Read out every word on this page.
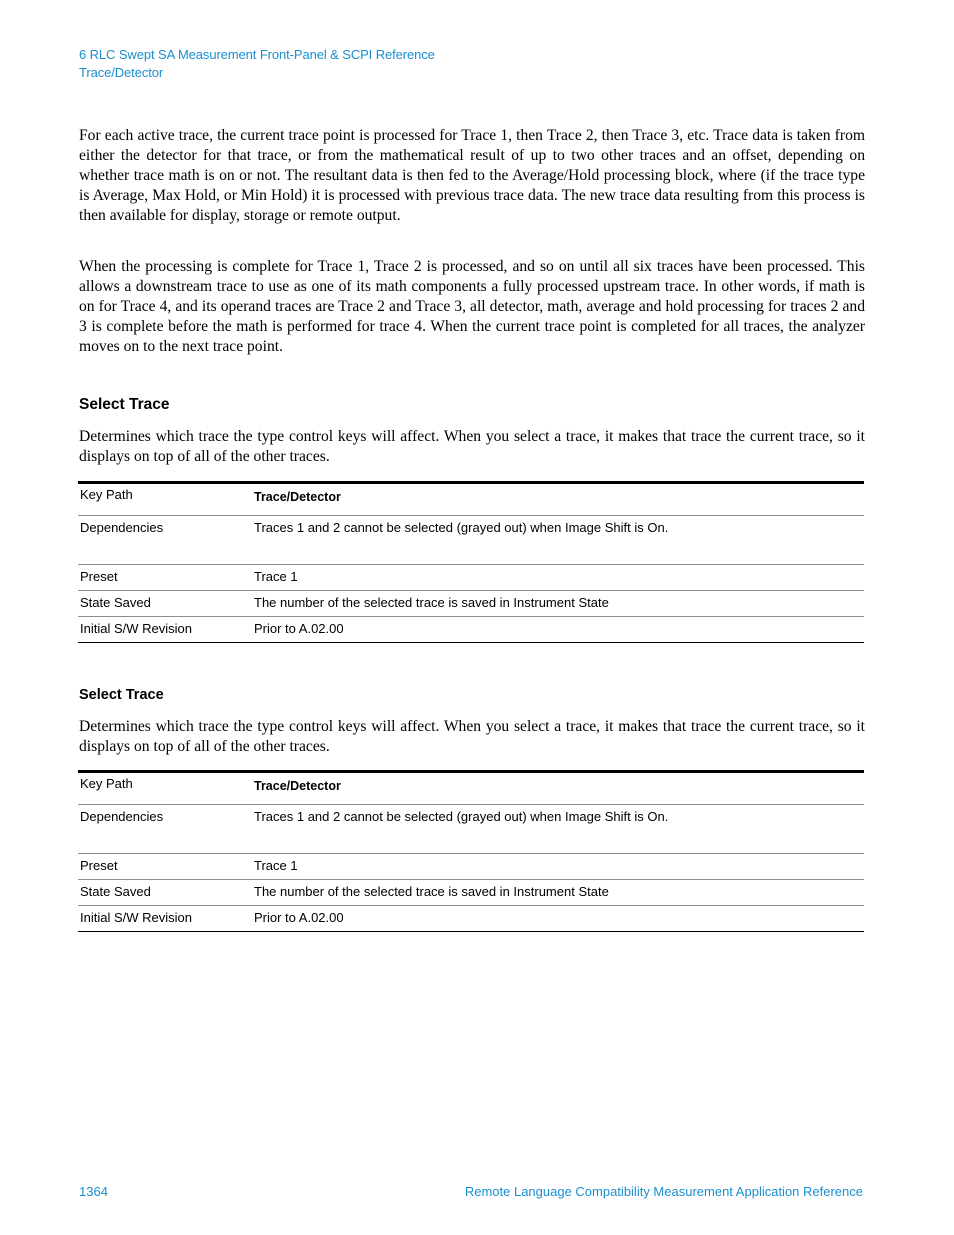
6 RLC Swept SA Measurement Front-Panel & SCPI Reference
Trace/Detector

For each active trace, the current trace point is processed for Trace 1, then Trace 2, then Trace 3, etc. Trace data is taken from either the detector for that trace, or from the mathematical result of up to two other traces and an offset, depending on whether trace math is on or not. The resultant data is then fed to the Average/Hold processing block, where (if the trace type is Average, Max Hold, or Min Hold) it is processed with previous trace data. The new trace data resulting from this process is then available for display, storage or remote output.

When the processing is complete for Trace 1, Trace 2 is processed, and so on until all six traces have been processed. This allows a downstream trace to use as one of its math components a fully processed upstream trace. In other words, if math is on for Trace 4, and its operand traces are Trace 2 and Trace 3, all detector, math, average and hold processing for traces 2 and 3 is complete before the math is performed for trace 4. When the current trace point is completed for all traces, the analyzer moves on to the next trace point.

Select Trace

Determines which trace the type control keys will affect. When you select a trace, it makes that trace the current trace, so it displays on top of all of the other traces.

Key Path	Trace/Detector
Dependencies	Traces 1 and 2 cannot be selected (grayed out) when Image Shift is On.
Preset	Trace 1
State Saved	The number of the selected trace is saved in Instrument State
Initial S/W Revision	Prior to A.02.00
Select Trace

Determines which trace the type control keys will affect. When you select a trace, it makes that trace the current trace, so it displays on top of all of the other traces.

Key Path	Trace/Detector
Dependencies	Traces 1 and 2 cannot be selected (grayed out) when Image Shift is On.
Preset	Trace 1
State Saved	The number of the selected trace is saved in Instrument State
Initial S/W Revision	Prior to A.02.00
1364	Remote Language Compatibility Measurement Application Reference
